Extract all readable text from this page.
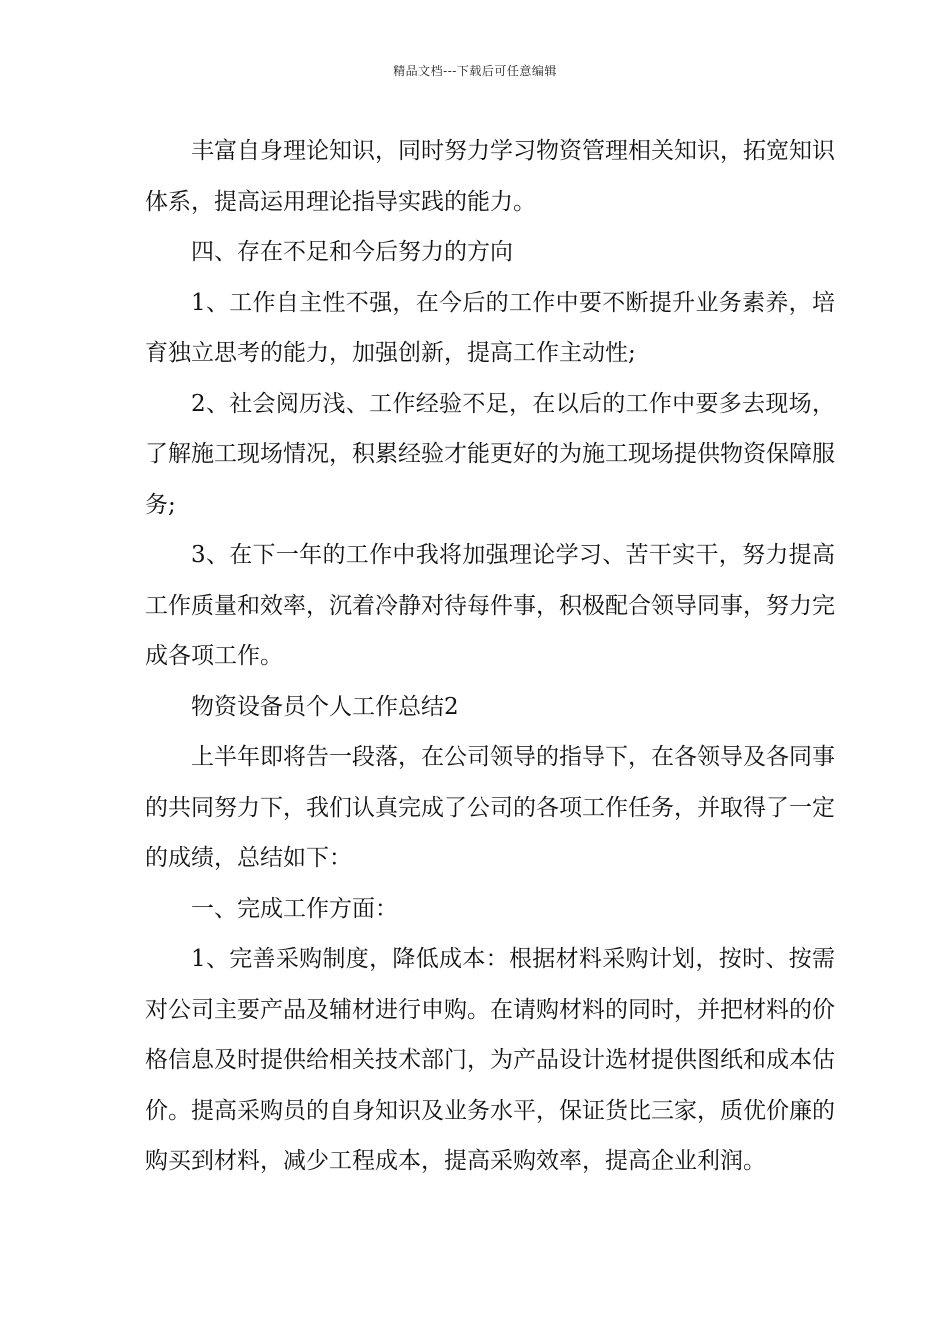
精品文档---下载后可任意编辑

丰富自身理论知识，同时努力学习物资管理相关知识，拓宽知识体系，提高运用理论指导实践的能力。

四、存在不足和今后努力的方向

1、工作自主性不强，在今后的工作中要不断提升业务素养，培育独立思考的能力，加强创新，提高工作主动性;

2、社会阅历浅、工作经验不足，在以后的工作中要多去现场，了解施工现场情况，积累经验才能更好的为施工现场提供物资保障服务;

3、在下一年的工作中我将加强理论学习、苦干实干，努力提高工作质量和效率，沉着冷静对待每件事，积极配合领导同事，努力完成各项工作。

物资设备员个人工作总结2

上半年即将告一段落，在公司领导的指导下，在各领导及各同事的共同努力下，我们认真完成了公司的各项工作任务，并取得了一定的成绩，总结如下：

一、完成工作方面：

1、完善采购制度，降低成本：根据材料采购计划，按时、按需对公司主要产品及辅材进行申购。在请购材料的同时，并把材料的价格信息及时提供给相关技术部门，为产品设计选材提供图纸和成本估价。提高采购员的自身知识及业务水平，保证货比三家，质优价廉的购买到材料，减少工程成本，提高采购效率，提高企业利润。
